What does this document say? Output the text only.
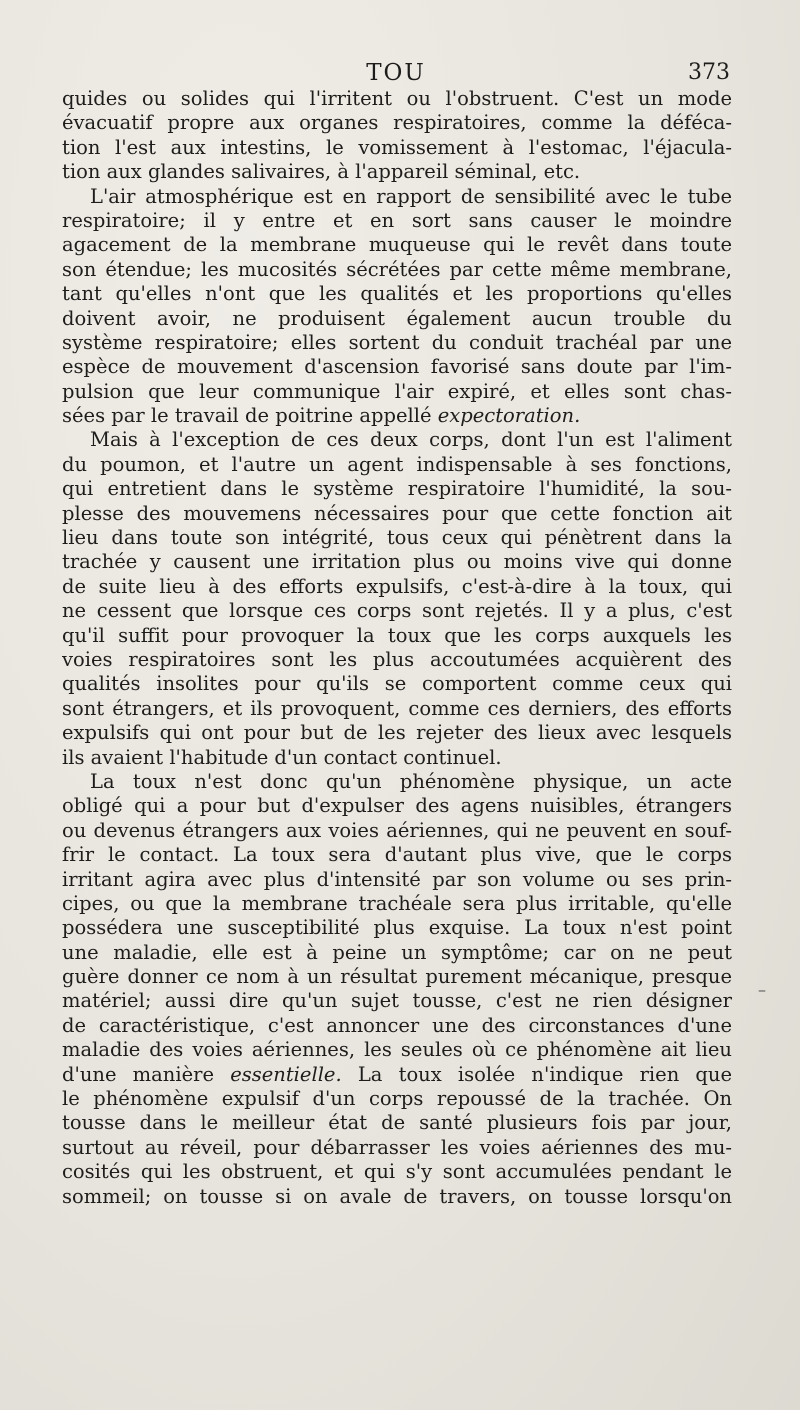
TOU	373
quides ou solides qui l'irritent ou l'obstruent. C'est un mode
évacuatif propre aux organes respiratoires, comme la défécа-
tion l'est aux intestins, le vomissement à l'estomac, l'éjacula-
tion aux glandes salivaires, à l'appareil séminal, etc.
L'air atmosphérique est en rapport de sensibilité avec le tube
respiratoire; il y entre et en sort sans causer le moindre
agacement de la membrane muqueuse qui le revêt dans toute
son étendue; les mucosités sécrétées par cette même membrane,
tant qu'elles n'ont que les qualités et les proportions qu'elles
doivent avoir, ne produisent également aucun trouble du
système respiratoire; elles sortent du conduit trachéal par une
espèce de mouvement d'ascension favorisé sans doute par l'im-
pulsion que leur communique l'air expiré, et elles sont chas-
sées par le travail de poitrine appellé expectoration.
Mais à l'exception de ces deux corps, dont l'un est l'aliment
du poumon, et l'autre un agent indispensable à ses fonctions,
qui entretient dans le système respiratoire l'humidité, la sou-
plesse des mouvemens nécessaires pour que cette fonction ait
lieu dans toute son intégrité, tous ceux qui pénètrent dans la
trachée y causent une irritation plus ou moins vive qui donne
de suite lieu à des efforts expulsifs, c'est-à-dire à la toux, qui
ne cessent que lorsque ces corps sont rejetés. Il y a plus, c'est
qu'il suffit pour provoquer la toux que les corps auxquels les
voies respiratoires sont les plus accoutumées acquièrent des
qualités insolites pour qu'ils se comportent comme ceux qui
sont étrangers, et ils provoquent, comme ces derniers, des efforts
expulsifs qui ont pour but de les rejeter des lieux avec lesquels
ils avaient l'habitude d'un contact continuel.
La toux n'est donc qu'un phénomène physique, un acte
obligé qui a pour but d'expulser des agens nuisibles, étrangers
ou devenus étrangers aux voies aériennes, qui ne peuvent en souf-
frir le contact. La toux sera d'autant plus vive, que le corps
irritant agira avec plus d'intensité par son volume ou ses prin-
cipes, ou que la membrane trachéale sera plus irritable, qu'elle
possédera une susceptibilité plus exquise. La toux n'est point
une maladie, elle est à peine un symptôme; car on ne peut
guère donner ce nom à un résultat purement mécanique, presque
matériel; aussi dire qu'un sujet tousse, c'est ne rien désigner
de caractéristique, c'est annoncer une des circonstances d'une
maladie des voies aériennes, les seules où ce phénomène ait lieu
d'une manière essentielle. La toux isolée n'indique rien que
le phénomène expulsif d'un corps repoussé de la trachée. On
tousse dans le meilleur état de santé plusieurs fois par jour,
surtout au réveil, pour débarrasser les voies aériennes des mu-
cosités qui les obstruent, et qui s'y sont accumulées pendant le
sommeil; on tousse si on avale de travers, on tousse lorsqu'on
–
